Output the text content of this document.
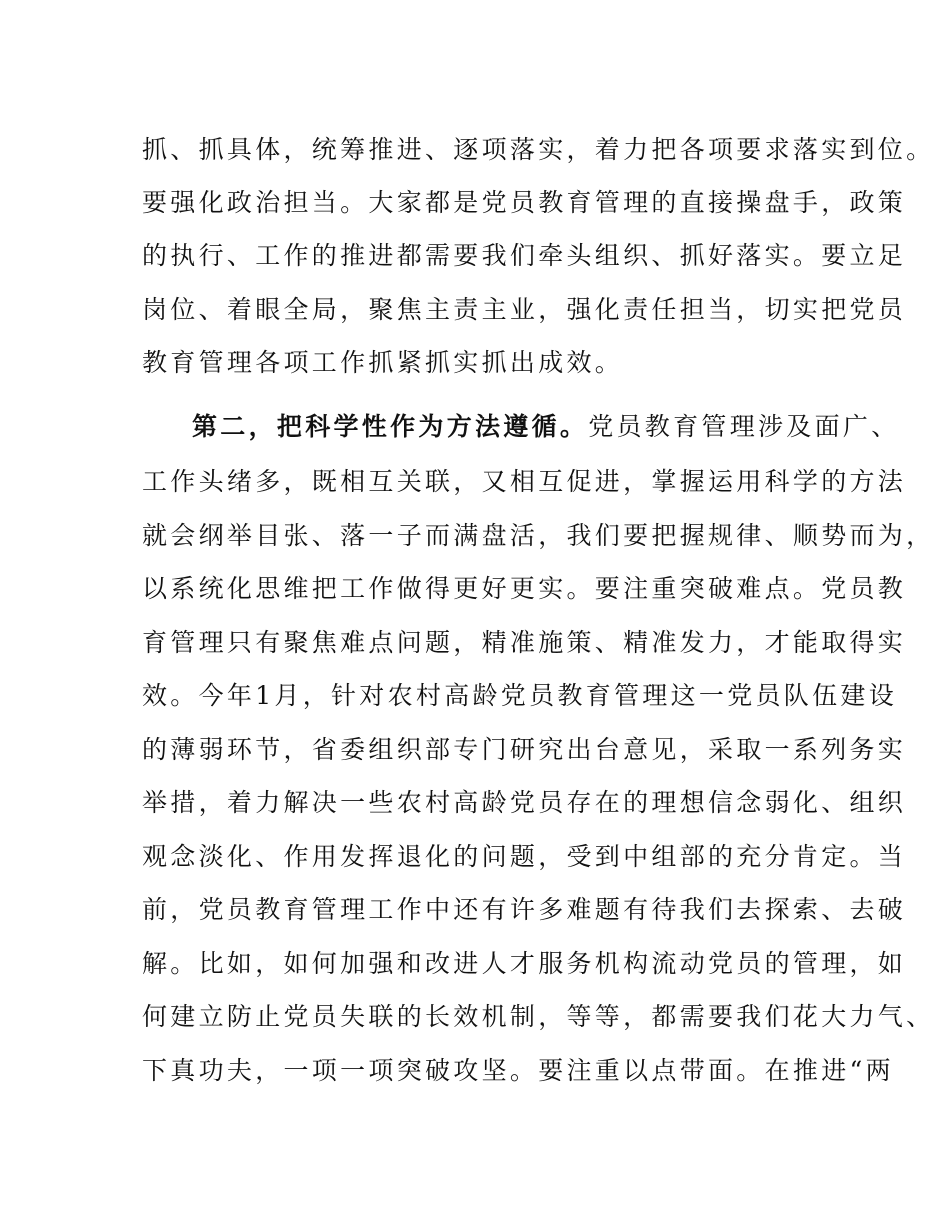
抓、抓具体，统筹推进、逐项落实，着力把各项要求落实到位。
要强化政治担当。大家都是党员教育管理的直接操盘手，政策
的执行、工作的推进都需要我们牵头组织、抓好落实。要立足
岗位、着眼全局，聚焦主责主业，强化责任担当，切实把党员
教育管理各项工作抓紧抓实抓出成效。
第二，把科学性作为方法遵循。党员教育管理涉及面广、
工作头绪多，既相互关联，又相互促进，掌握运用科学的方法
就会纲举目张、落一子而满盘活，我们要把握规律、顺势而为，
以系统化思维把工作做得更好更实。要注重突破难点。党员教
育管理只有聚焦难点问题，精准施策、精准发力，才能取得实
效。今年1月，针对农村高龄党员教育管理这一党员队伍建设
的薄弱环节，省委组织部专门研究出台意见，采取一系列务实
举措，着力解决一些农村高龄党员存在的理想信念弱化、组织
观念淡化、作用发挥退化的问题，受到中组部的充分肯定。当
前，党员教育管理工作中还有许多难题有待我们去探索、去破
解。比如，如何加强和改进人才服务机构流动党员的管理，如
何建立防止党员失联的长效机制，等等，都需要我们花大力气、
下真功夫，一项一项突破攻坚。要注重以点带面。在推进“两
